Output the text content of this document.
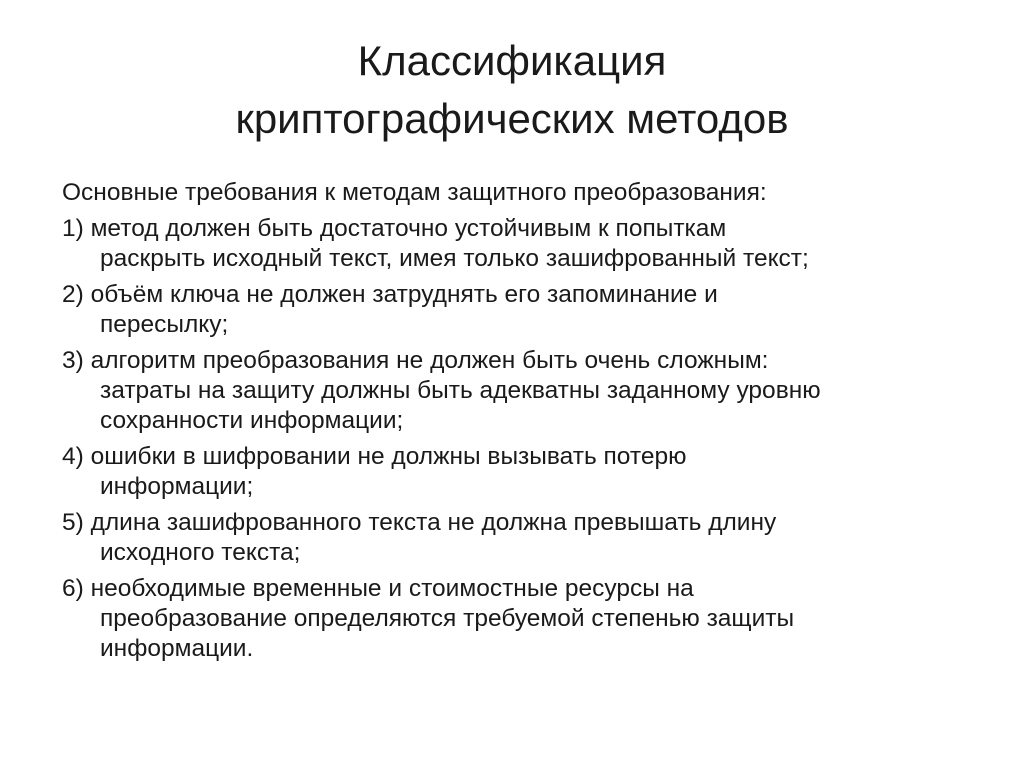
Классификация
криптографических методов

Основные требования к методам защитного преобразования:

1) метод должен быть достаточно устойчивым к попыткам
раскрыть исходный текст, имея только зашифрованный текст;
2) объём ключа не должен затруднять его запоминание и
пересылку;
3) алгоритм преобразования не должен быть очень сложным:
затраты на защиту должны быть адекватны заданному уровню
сохранности информации;
4) ошибки в шифровании не должны вызывать потерю
информации;
5) длина зашифрованного текста не должна превышать длину
исходного текста;
6) необходимые временные и стоимостные ресурсы на
преобразование определяются требуемой степенью защиты
информации.
